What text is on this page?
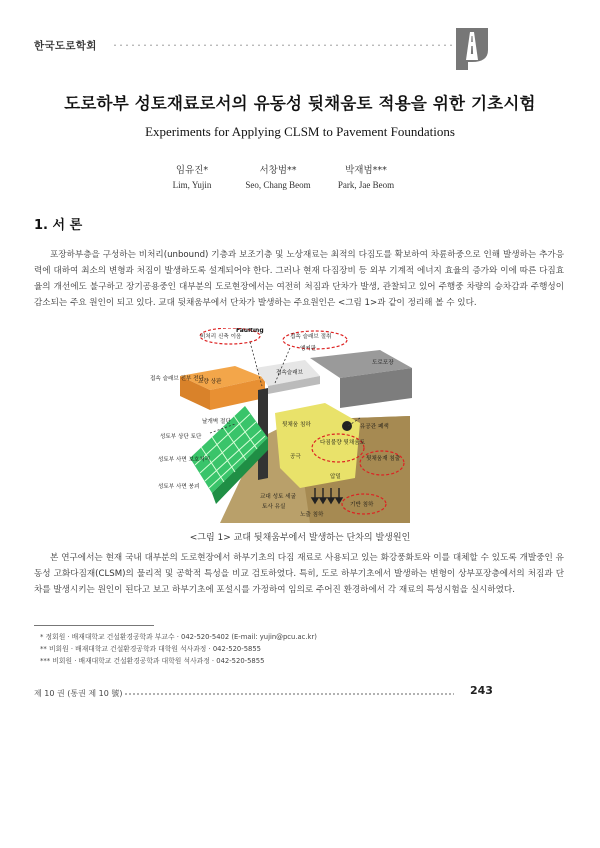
한국도로학회
도로하부 성토재료로서의 유동성 뒷채움토 적용을 위한 기초시험
Experiments for Applying CLSM to Pavement Foundations
임유진*
Lim, Yujin
서창범**
Seo, Chang Beom
박재범***
Park, Jae Beom
1. 서 론
포장하부층을 구성하는 비처리(unbound) 기층과 보조기층 및 노상재료는 최적의 다짐도를 확보하여 차륜하중으로 인해 발생하는 추가응력에 대하여 최소의 변형과 처짐이 발생하도록 설계되어야 한다. 그러나 현재 다짐장비 등 외부 기계적 에너지 효율의 증가와 이에 따른 다짐효율의 개선에도 불구하고 장기공용중인 대부분의 도로현장에서는 여전히 처짐과 단차가 발생, 관찰되고 있어 주행중 차량의 승차감과 주행성이 감소되는 주요 원인이 되고 있다. 교대 뒷채움부에서 단차가 발생하는 주요원인은 <그림 1>과 같이 정리해 볼 수 있다.
비처리 신축 이음
Faulting
접속 슬래브 절취
앵커판
교량 상판
접속슬래브
도로포장
접속 슬래브 전부 전단
날개벽 절단
성토부 상단 토단
성토부 사면 보호처리
성토부 사면 붕괴
뒷채움 침하
다짐불량 뒷채움토
공극
유공관 폐색
뒷채움재 침출
압밀
교대 성토 세굴
토사 유실
노출 침하
기반 침하
<그림 1> 교대 뒷채움부에서 발생하는 단차의 발생원인
본 연구에서는 현재 국내 대부분의 도로현장에서 하부기초의 다짐 재료로 사용되고 있는 화강풍화토와 이를 대체할 수 있도록 개발중인 유동성 고화다짐재(CLSM)의 물리적 및 공학적 특성을 비교 검토하였다. 특히, 도로 하부기초에서 발생하는 변형이 상부포장층에서의 처짐과 단차를 발생시키는 원인이 된다고 보고 하부기초에 포설시를 가정하여 임의로 주어진 환경하에서 각 재료의 특성시험을 실시하였다.
* 정회원 · 배재대학교 건설환경공학과 부교수 · 042-520-5402 (E-mail: yujin@pcu.ac.kr)
** 비회원 · 배재대학교 건설환경공학과 대학원 석사과정 · 042-520-5855
*** 비회원 · 배재대학교 건설환경공학과 대학원 석사과정 · 042-520-5855
제 10 권 (통권 제 10 號)	243
